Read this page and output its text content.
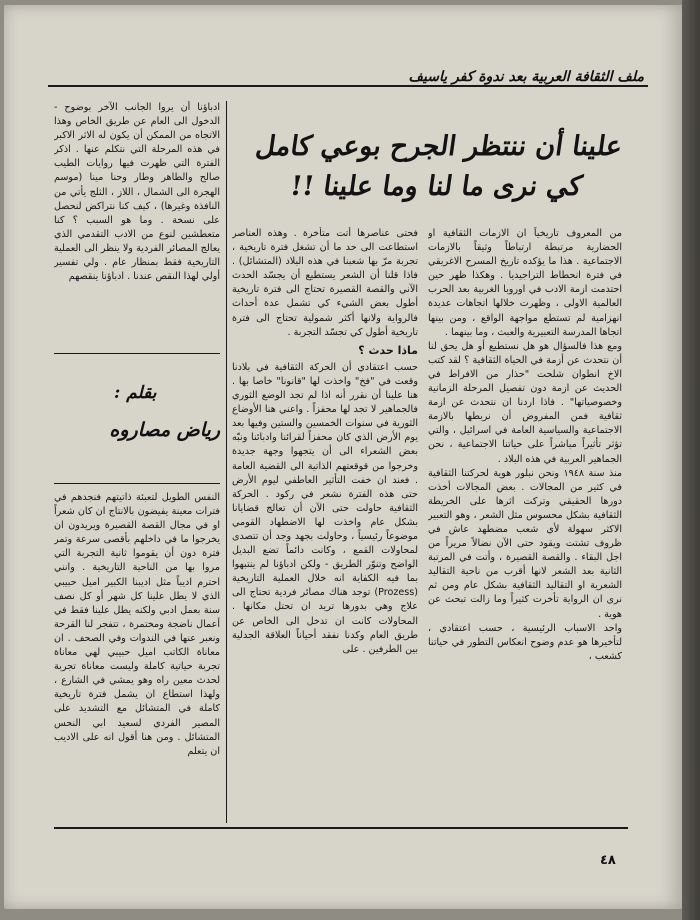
ملف الثقافة العربية بعد ندوة كفر ياسيف
علينا أن ننتظر الجرح بوعي كامل
كي نرى ما لنا وما علينا !!

ادباؤنا أن يروا الجانب الآخر بوضوح - الدخول الى العام عن طريق الخاص وهذا الاتجاه من الممكن أن يكون له الاثر الاكبر في هذه المرحلة التي نتكلم عنها . اذكر الفترة التي ظهرت فيها روايات الطيب صالح والطاهر وطار وحنا مينا (موسم الهجرة الى الشمال ، اللاز ، الثلج يأتي من النافذة وغيرها) ، كيف كنا نتراكض لنحصل على نسخة . وما هو السبب ؟ كنا متعطشين لنوع من الادب التقدمي الذي يعالج المصائر الفردية ولا ينظر الى العملية التاريخية فقط بمنظار عام . ولي تفسير أولي لهذا النقص عندنا . ادباؤنا ينقصهم

بقلم :
رياض مصاروه

النفس الطويل لتعبئة ذاتيتهم فنجدهم في فترات معينة يفيضون بالانتاج ان كان شعراً او في مجال القصة القصيرة ويريدون ان يخرجوا ما في داخلهم بأقصى سرعة وتمر فترة دون أن يقوموا ثانية التجربة التي مروا بها من الناحية التاريخية . وانني احترم اديباً مثل اديبنا الكبير اميل حبيبي الذي لا يطل علينا كل شهر أو كل نصف سنة بعمل ادبي ولكنه يطل علينا فقط في أعمال ناضجة ومختمرة ، تتفجر لنا القرحة ونعبر عنها في الندوات وفي الصحف . ان معاناة الكاتب اميل حبيبي لهي معاناة تجربة حياتية كاملة وليست معاناة تجربة لحدث معين راه وهو يمشي في الشارع ، ولهذا استطاع ان يشمل فترة تاريخية كاملة في المتشائل مع التشديد على المصير الفردي لسعيد ابي النحس المتشائل . ومن هنا أقول انه على الاديب ان يتعلم

فحتى عناصرها أتت متأخرة . وهذه العناصر استطاعت الى حد ما أن تشغل فترة تاريخية ، تجربة مرّ بها شعبنا في هذه البلاد (المتشائل) . فاذا قلنا أن الشعر يستطيع أن يجسّد الحدث الآني والقصة القصيرة تحتاج الى فترة تاريخية أطول بعض الشيء كي تشمل عدة أحداث فالرواية ولانها أكثر شمولية تحتاج الى فترة تاريخية أطول كي تجسّد التجربة .

ماذا حدث ؟

حسب اعتقادي أن الحركة الثقافية في بلادنا وقعت في "فخ" واخذت لها "قانونا" خاصا بها . هنا علينا أن نقرر أنه اذا لم تجد الوضع الثوري فالجماهير لا تجد لها محفزاً . واعني هنا الأوضاع الثورية في سنوات الخمسين والستين وفيها بعد يوم الأرض الذي كان محفزاً لقرائنا وادبائنا ونبّه بعض الشعراء الى أن يتجهوا وجهة جديدة وخرجوا من قوقعتهم الذاتية الى القضية العامة . فعند ان خفت التأثير العاطفي ليوم الأرض حتى هذه الفترة نشعر في ركود . الحركة الثقافية حاولت حتى الآن أن تعالج قضايانا بشكل عام واخذت لها الاضطهاد القومي موضوعاً رئيسياً ، وحاولت بجهد وجد أن تتصدى لمحاولات القمع ، وكانت دائماً تضع البديل الواضح وتنوّر الطريق - ولكن ادباؤنا لم ينتبهوا بما فيه الكفاية انه خلال العملية التاريخية (Prozess) توجد هناك مصائر فردية تحتاج الى علاج وهي بدورها تريد ان تحتل مكانها . المحاولات كانت ان تدخل الى الخاص عن طريق العام وكدنا نفقد أحياناً العلاقة الجدلية بين الطرفين . على

من المعروف تاريخياً ان الازمات الثقافية او الحضارية مرتبطة ارتباطاً وثيقاً بالازمات الاجتماعية . هذا ما يؤكده تاريخ المسرح الاغريقي في فترة انحطاط التراجيديا . وهكذا ظهر حين احتدمت ازمة الادب في اوروبا الغربية بعد الحرب العالمية الاولى ، وظهرت خلالها اتجاهات عديدة انهزامية لم تستطع مواجهة الواقع ، ومن بينها اتجاها المدرسة التعبيرية والعبث ، وما بينهما .

ومع هذا فالسؤال هو هل نستطيع أو هل يحق لنا أن نتحدث عن أزمة في الحياة الثقافية ؟ لقد كتب الاخ انطوان شلحت "حذار من الافراط في الحديث عن ازمة دون تفصيل المرحلة الزمانية وخصوصياتها" . فاذا اردنا ان نتحدث عن ازمة ثقافية فمن المفروض أن نربطها بالازمة الاجتماعية والسياسية العامة في اسرائيل ، والتي تؤثر تأثيراً مباشراً على حياتنا الاجتماعية ، نحن الجماهير العربية في هذه البلاد .

منذ سنة ١٩٤٨ ونحن نبلور هوية لحركتنا الثقافية في كثير من المجالات . بعض المجالات أخذت دورها الحقيقي وتركت اثرها على الخريطة الثقافية بشكل محسوس مثل الشعر ، وهو التعبير الاكثر سهولة لأي شعب مضطهد عاش في ظروف تشتت ويقود حتى الآن نضالاً مريراً من اجل البقاء . والقصة القصيرة ، وأتت في المرتبة الثانية بعد الشعر لانها أقرب من ناحية التقاليد الشعرية او التقاليد الثقافية بشكل عام ومن ثم نرى ان الرواية تأخرت كثيراً وما زالت تبحث عن هوية .

واحد الاسباب الرئيسية ، حسب اعتقادي ، لتأخيرها هو عدم وضوح انعكاس التطور في حياتنا كشعب ،

٤٨
